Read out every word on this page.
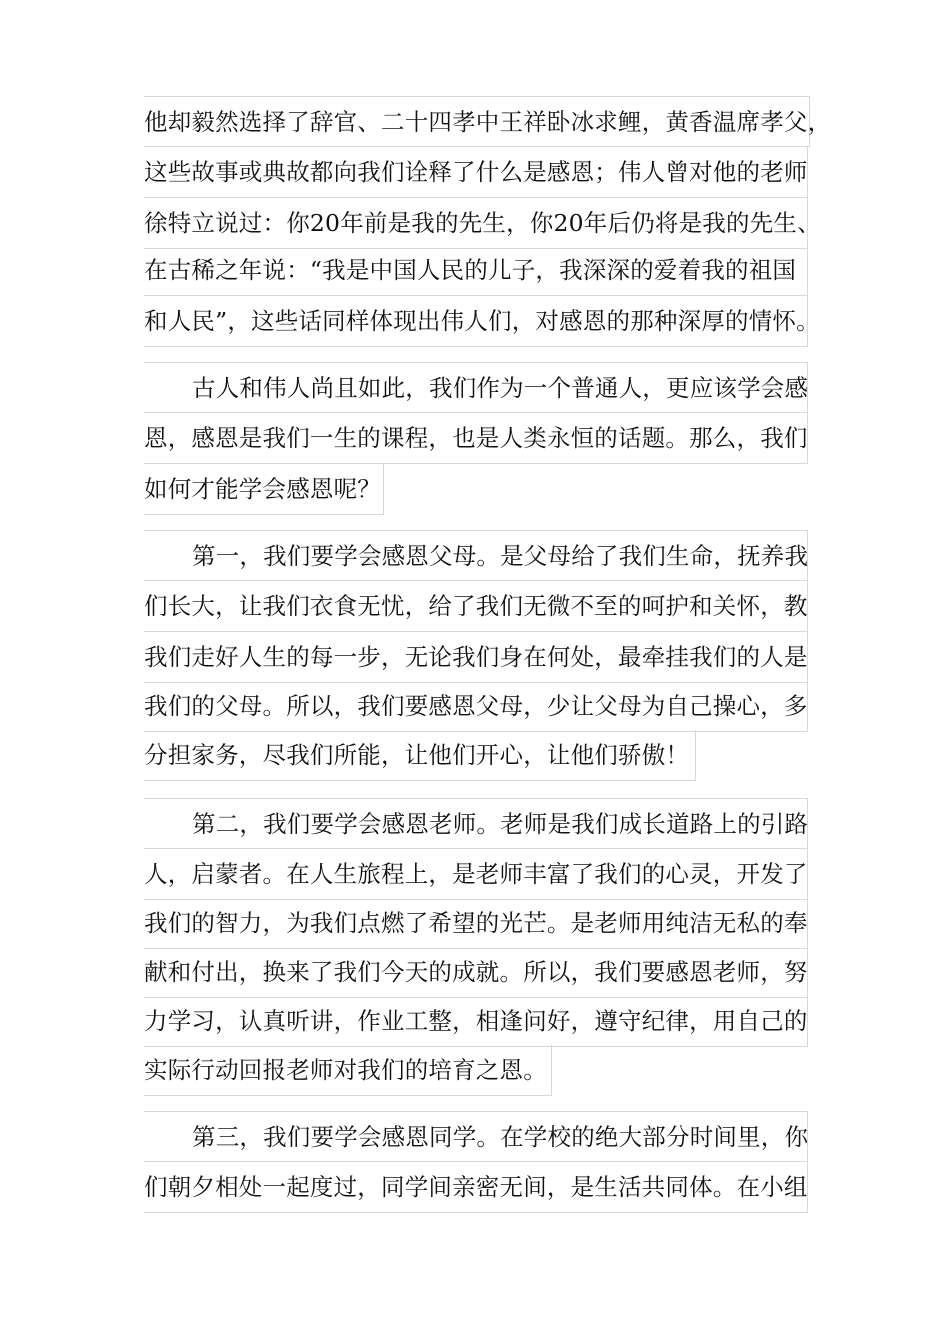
他却毅然选择了辞官、二十四孝中王祥卧冰求鲤，黄香温席孝父，
这些故事或典故都向我们诠释了什么是感恩；伟人曾对他的老师
徐特立说过：你20年前是我的先生，你20年后仍将是我的先生、
在古稀之年说：“我是中国人民的儿子，我深深的爱着我的祖国
和人民”，这些话同样体现出伟人们，对感恩的那种深厚的情怀。
古人和伟人尚且如此，我们作为一个普通人，更应该学会感
恩，感恩是我们一生的课程，也是人类永恒的话题。那么，我们
如何才能学会感恩呢？
第一，我们要学会感恩父母。是父母给了我们生命，抚养我
们长大，让我们衣食无忧，给了我们无微不至的呵护和关怀，教
我们走好人生的每一步，无论我们身在何处，最牵挂我们的人是
我们的父母。所以，我们要感恩父母，少让父母为自己操心，多
分担家务，尽我们所能，让他们开心，让他们骄傲！
第二，我们要学会感恩老师。老师是我们成长道路上的引路
人，启蒙者。在人生旅程上，是老师丰富了我们的心灵，开发了
我们的智力，为我们点燃了希望的光芒。是老师用纯洁无私的奉
献和付出，换来了我们今天的成就。所以，我们要感恩老师，努
力学习，认真听讲，作业工整，相逢问好，遵守纪律，用自己的
实际行动回报老师对我们的培育之恩。
第三，我们要学会感恩同学。在学校的绝大部分时间里，你
们朝夕相处一起度过，同学间亲密无间，是生活共同体。在小组
